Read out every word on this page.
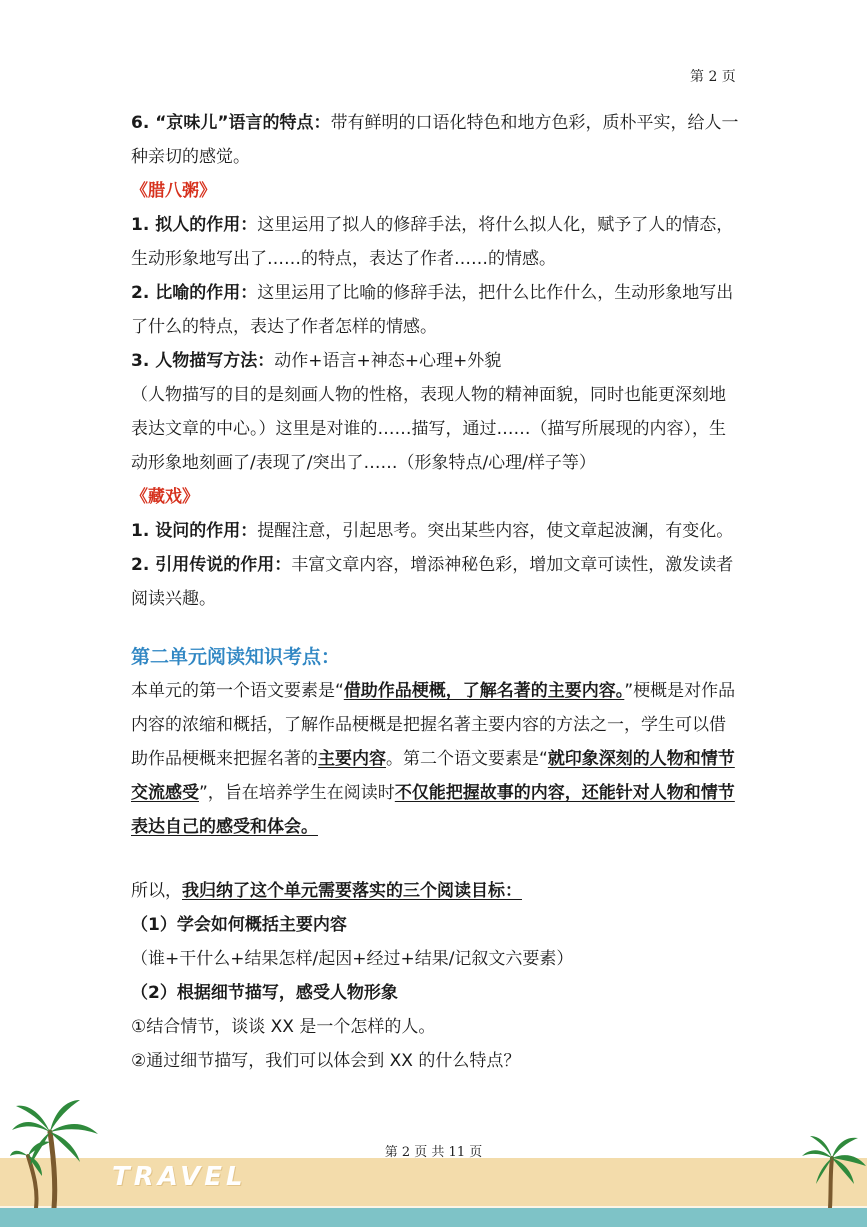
第 2 页

6. “京味儿”语言的特点：带有鲜明的口语化特色和地方色彩，质朴平实，给人一种亲切的感觉。

《腊八粥》

1. 拟人的作用：这里运用了拟人的修辞手法，将什么拟人化，赋予了人的情态，生动形象地写出了……的特点，表达了作者……的情感。

2. 比喻的作用：这里运用了比喻的修辞手法，把什么比作什么，生动形象地写出了什么的特点，表达了作者怎样的情感。

3. 人物描写方法：动作+语言+神态+心理+外貌

（人物描写的目的是刻画人物的性格，表现人物的精神面貌，同时也能更深刻地表达文章的中心。）这里是对谁的……描写，通过……（描写所展现的内容），生动形象地刻画了/表现了/突出了……（形象特点/心理/样子等）

《藏戏》

1. 设问的作用：提醒注意，引起思考。突出某些内容，使文章起波澜，有变化。

2. 引用传说的作用：丰富文章内容，增添神秘色彩，增加文章可读性，激发读者阅读兴趣。

第二单元阅读知识考点：

本单元的第一个语文要素是“借助作品梗概，了解名著的主要内容。”梗概是对作品内容的浓缩和概括，了解作品梗概是把握名著主要内容的方法之一，学生可以借助作品梗概来把握名著的主要内容。第二个语文要素是“就印象深刻的人物和情节交流感受”，旨在培养学生在阅读时不仅能把握故事的内容，还能针对人物和情节表达自己的感受和体会。

所以，我归纳了这个单元需要落实的三个阅读目标：

（1）学会如何概括主要内容

（谁+干什么+结果怎样/起因+经过+结果/记叙文六要素）

（2）根据细节描写，感受人物形象

①结合情节，谈谈 XX 是一个怎样的人。

②通过细节描写，我们可以体会到 XX 的什么特点？

第 2 页 共 11 页
TRAVEL
